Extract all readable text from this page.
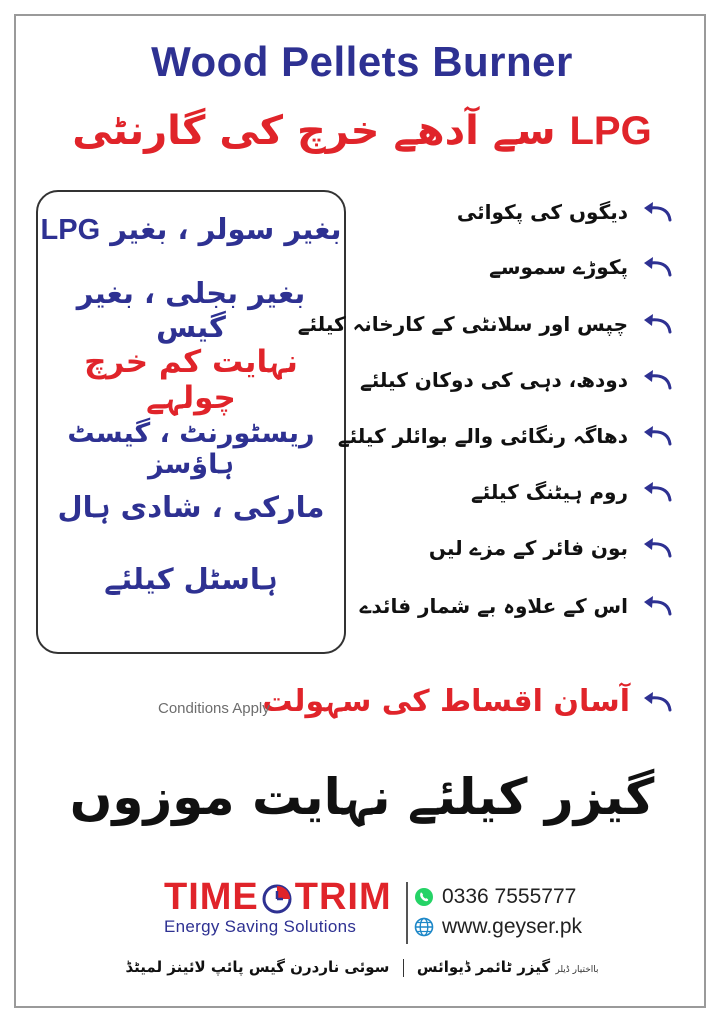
Wood Pellets Burner
LPG سے آدھے خرچ کی گارنٹی
بغیر سولر ، بغیر LPG
بغیر بجلی ، بغیر گیس
نہایت کم خرچ چولہے
ریسٹورنٹ ، گیسٹ ہاؤسز
مارکی ، شادی ہال
ہاسٹل کیلئے
دیگوں کی پکوائی
پکوڑے سموسے
چپس اور سلانٹی کے کارخانہ کیلئے
دودھ، دہی کی دوکان کیلئے
دھاگہ رنگائی والے بوائلر کیلئے
روم ہیٹنگ کیلئے
بون فائر کے مزے لیں
اس کے علاوہ بے شمار فائدے
آسان اقساط کی سہولت
Conditions Apply
گیزر کیلئے نہایت موزوں
TIME TRIM
Energy Saving Solutions
0336 7555777
www.geyser.pk
بااختیار ڈیلر گیزر ٹائمر ڈیوائس  سوئی ناردرن گیس پائپ لائینز لمیٹڈ
